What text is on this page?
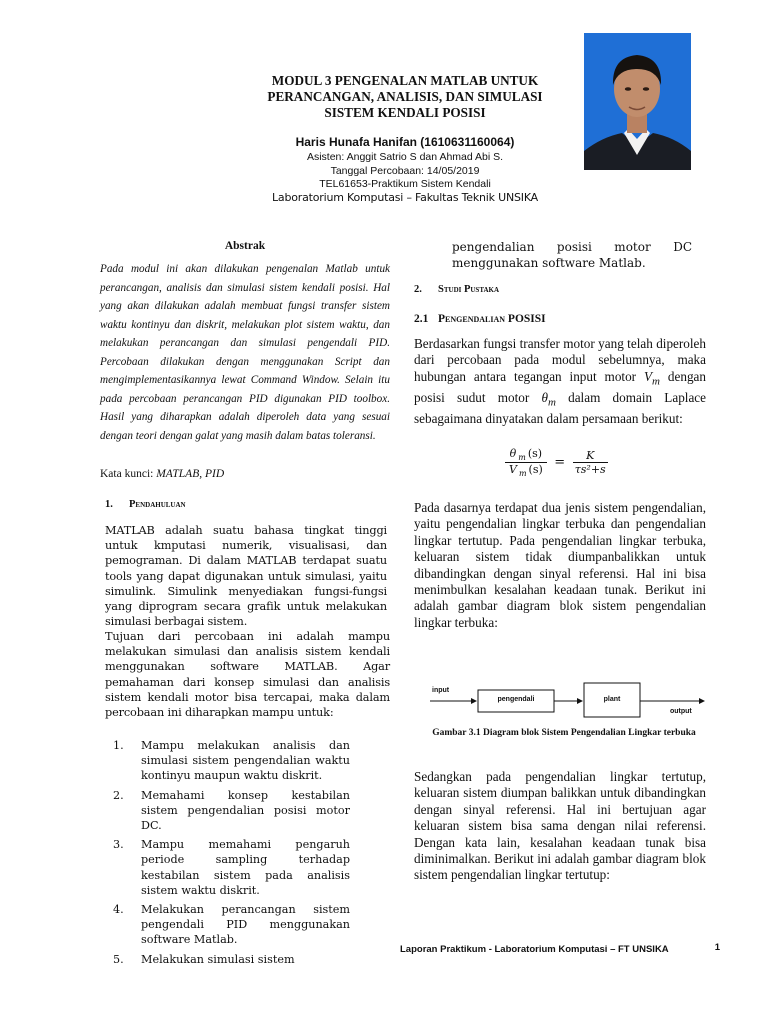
MODUL 3 PENGENALAN MATLAB UNTUK
PERANCANGAN, ANALISIS, DAN SIMULASI
SISTEM KENDALI POSISI
Haris Hunafa Hanifan (1610631160064)
Asisten: Anggit Satrio S dan Ahmad Abi S.
Tanggal Percobaan: 14/05/2019
TEL61653-Praktikum Sistem Kendali
Laboratorium Komputasi – Fakultas Teknik UNSIKA
Abstrak
Pada modul ini akan dilakukan pengenalan Matlab untuk perancangan, analisis dan simulasi sistem kendali posisi. Hal yang akan dilakukan adalah membuat fungsi transfer sistem waktu kontinyu dan diskrit, melakukan plot sistem waktu, dan melakukan perancangan dan simulasi pengendali PID. Percobaan dilakukan dengan menggunakan Script dan mengimplementasikannya lewat Command Window. Selain itu pada percobaan perancangan PID digunakan PID toolbox. Hasil yang diharapkan adalah diperoleh data yang sesuai dengan teori dengan galat yang masih dalam batas toleransi.
Kata kunci: MATLAB, PID
1. Pendahuluan
MATLAB adalah suatu bahasa tingkat tinggi untuk kmputasi numerik, visualisasi, dan pemograman. Di dalam MATLAB terdapat suatu tools yang dapat digunakan untuk simulasi, yaitu simulink. Simulink menyediakan fungsi-fungsi yang diprogram secara grafik untuk melakukan simulasi berbagai sistem.
Tujuan dari percobaan ini adalah mampu melakukan simulasi dan analisis sistem kendali menggunakan software MATLAB. Agar pemahaman dari konsep simulasi dan analisis sistem kendali motor bisa tercapai, maka dalam percobaan ini diharapkan mampu untuk:
1. Mampu melakukan analisis dan simulasi sistem pengendalian waktu kontinyu maupun waktu diskrit.
2. Memahami konsep kestabilan sistem pengendalian posisi motor DC.
3. Mampu memahami pengaruh periode sampling terhadap kestabilan sistem pada analisis sistem waktu diskrit.
4. Melakukan perancangan sistem pengendali PID menggunakan software Matlab.
5. Melakukan simulasi sistem
pengendalian posisi motor DC menggunakan software Matlab.
2. Studi Pustaka
2.1 Pengendalian POSISI
Berdasarkan fungsi transfer motor yang telah diperoleh dari percobaan pada modul sebelumnya, maka hubungan antara tegangan input motor $V_m$ dengan posisi sudut motor $\theta_m$ dalam domain Laplace sebagaimana dinyatakan dalam persamaan berikut:
$\frac{\theta _m (s)}{V _m (s)} = \frac{K}{\text{τs²+s}}$
Pada dasarnya terdapat dua jenis sistem pengendalian, yaitu pengendalian lingkar terbuka dan pengendalian lingkar tertutup. Pada pengendalian lingkar terbuka, keluaran sistem tidak diumpanbalikkan untuk dibandingkan dengan sinyal referensi. Hal ini bisa menimbulkan kesalahan keadaan tunak. Berikut ini adalah gambar diagram blok sistem pengendalian lingkar terbuka:
input
pengendali	plant
output
Gambar 3.1 Diagram blok Sistem Pengendalian Lingkar terbuka
Sedangkan pada pengendalian lingkar tertutup, keluaran sistem diumpan balikkan untuk dibandingkan dengan sinyal referensi. Hal ini bertujuan agar keluaran sistem bisa sama dengan nilai referensi. Dengan kata lain, kesalahan keadaan tunak bisa diminimalkan. Berikut ini adalah gambar diagram blok sistem pengendalian lingkar tertutup:
Laporan Praktikum - Laboratorium Komputasi – FT UNSIKA	1
